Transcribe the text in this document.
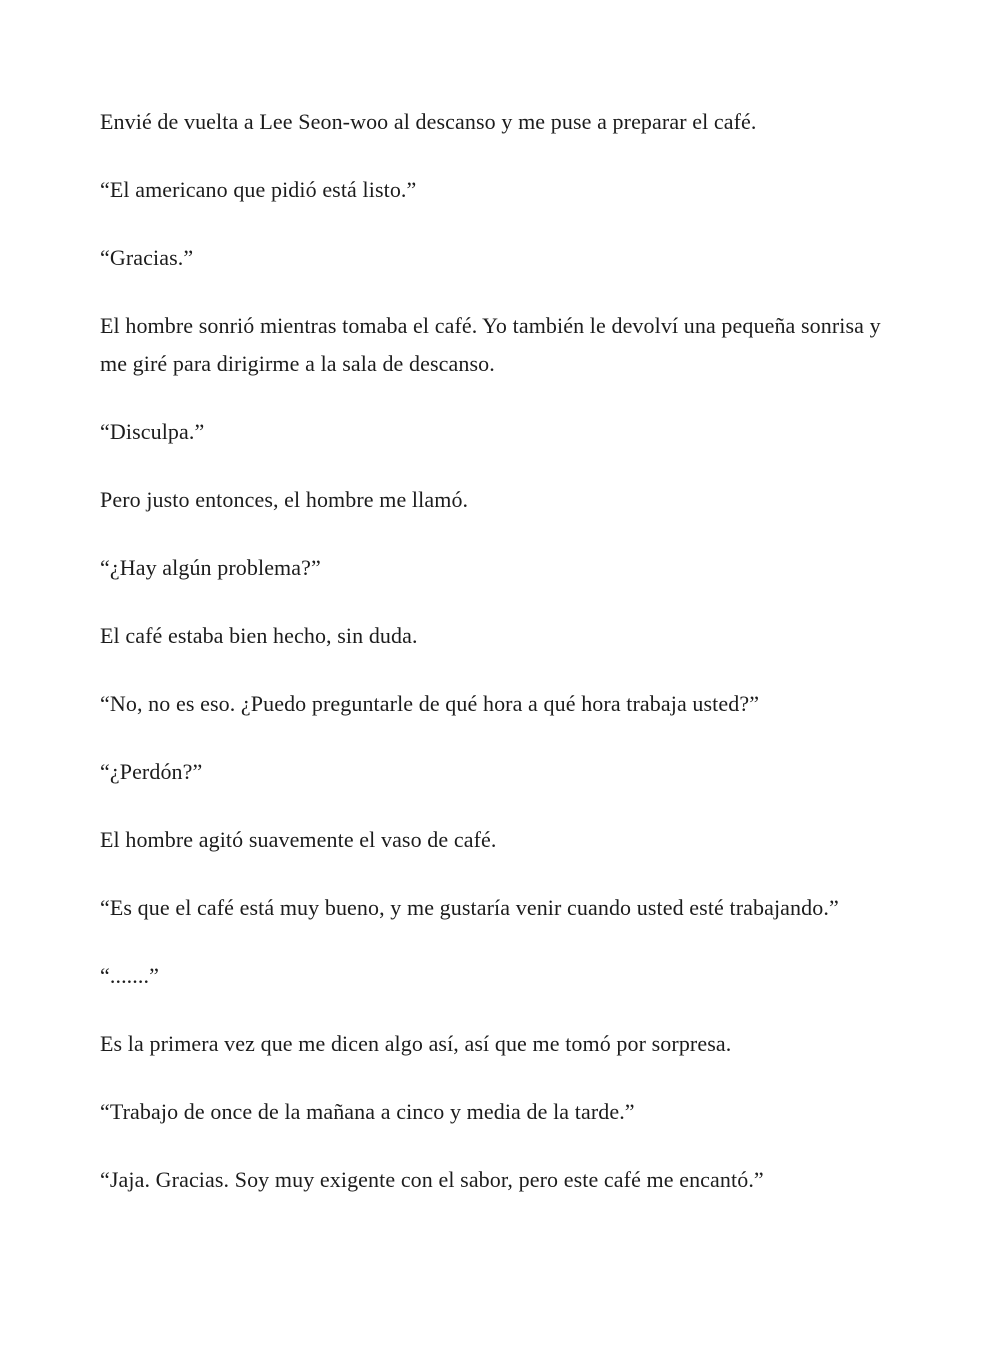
Envié de vuelta a Lee Seon-woo al descanso y me puse a preparar el café.

“El americano que pidió está listo.”

“Gracias.”

El hombre sonrió mientras tomaba el café. Yo también le devolví una pequeña sonrisa y me giré para dirigirme a la sala de descanso.

“Disculpa.”

Pero justo entonces, el hombre me llamó.

“¿Hay algún problema?”

El café estaba bien hecho, sin duda.

“No, no es eso. ¿Puedo preguntarle de qué hora a qué hora trabaja usted?”

“¿Perdón?”

El hombre agitó suavemente el vaso de café.

“Es que el café está muy bueno, y me gustaría venir cuando usted esté trabajando.”

“.......”

Es la primera vez que me dicen algo así, así que me tomó por sorpresa.

“Trabajo de once de la mañana a cinco y media de la tarde.”

“Jaja. Gracias. Soy muy exigente con el sabor, pero este café me encantó.”
